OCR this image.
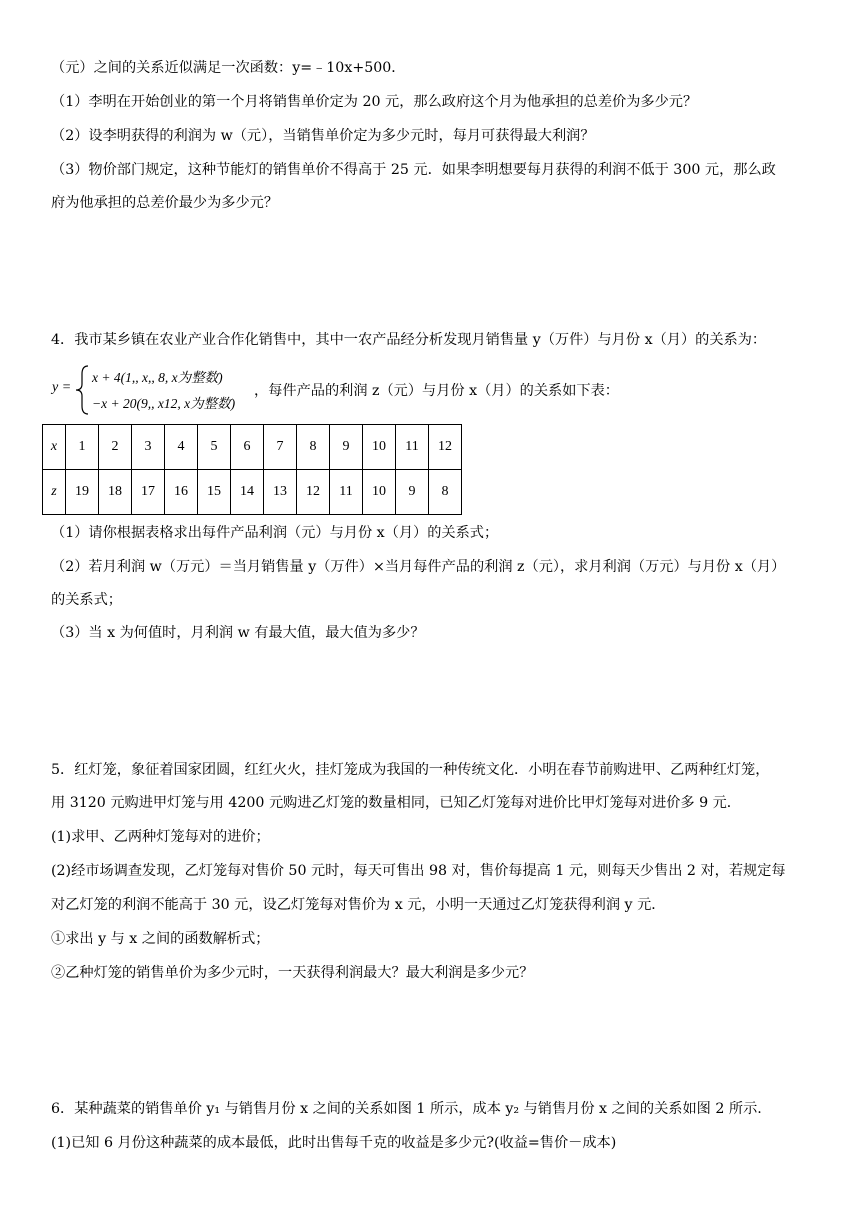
（元）之间的关系近似满足一次函数：y=﹣10x+500．
（1）李明在开始创业的第一个月将销售单价定为 20 元，那么政府这个月为他承担的总差价为多少元？
（2）设李明获得的利润为 w（元），当销售单价定为多少元时，每月可获得最大利润？
（3）物价部门规定，这种节能灯的销售单价不得高于 25 元．如果李明想要每月获得的利润不低于 300 元，那么政
府为他承担的总差价最少为多少元？
4．我市某乡镇在农业产业合作化销售中，其中一农产品经分析发现月销售量 y（万件）与月份 x（月）的关系为：
y =
x + 4(1,, x,, 8, x为整数)
−x + 20(9,, x12, x为整数)
，每件产品的利润 z（元）与月份 x（月）的关系如下表：
x	1	2	3	4	5	6	7	8	9	10	11	12
z	19	18	17	16	15	14	13	12	11	10	9	8
（1）请你根据表格求出每件产品利润（元）与月份 x（月）的关系式；
（2）若月利润 w（万元）＝当月销售量 y（万件）×当月每件产品的利润 z（元），求月利润（万元）与月份 x（月）
的关系式；
（3）当 x 为何值时，月利润 w 有最大值，最大值为多少？
5．红灯笼，象征着国家团圆，红红火火，挂灯笼成为我国的一种传统文化．小明在春节前购进甲、乙两种红灯笼，
用 3120 元购进甲灯笼与用 4200 元购进乙灯笼的数量相同，已知乙灯笼每对进价比甲灯笼每对进价多 9 元．
(1)求甲、乙两种灯笼每对的进价；
(2)经市场调查发现，乙灯笼每对售价 50 元时，每天可售出 98 对，售价每提高 1 元，则每天少售出 2 对，若规定每
对乙灯笼的利润不能高于 30 元，设乙灯笼每对售价为 x 元，小明一天通过乙灯笼获得利润 y 元．
①求出 y 与 x 之间的函数解析式；
②乙种灯笼的销售单价为多少元时，一天获得利润最大？最大利润是多少元？
6．某种蔬菜的销售单价 y₁ 与销售月份 x 之间的关系如图 1 所示，成本 y₂ 与销售月份 x 之间的关系如图 2 所示.
(1)已知 6 月份这种蔬菜的成本最低，此时出售每千克的收益是多少元?(收益=售价－成本)
